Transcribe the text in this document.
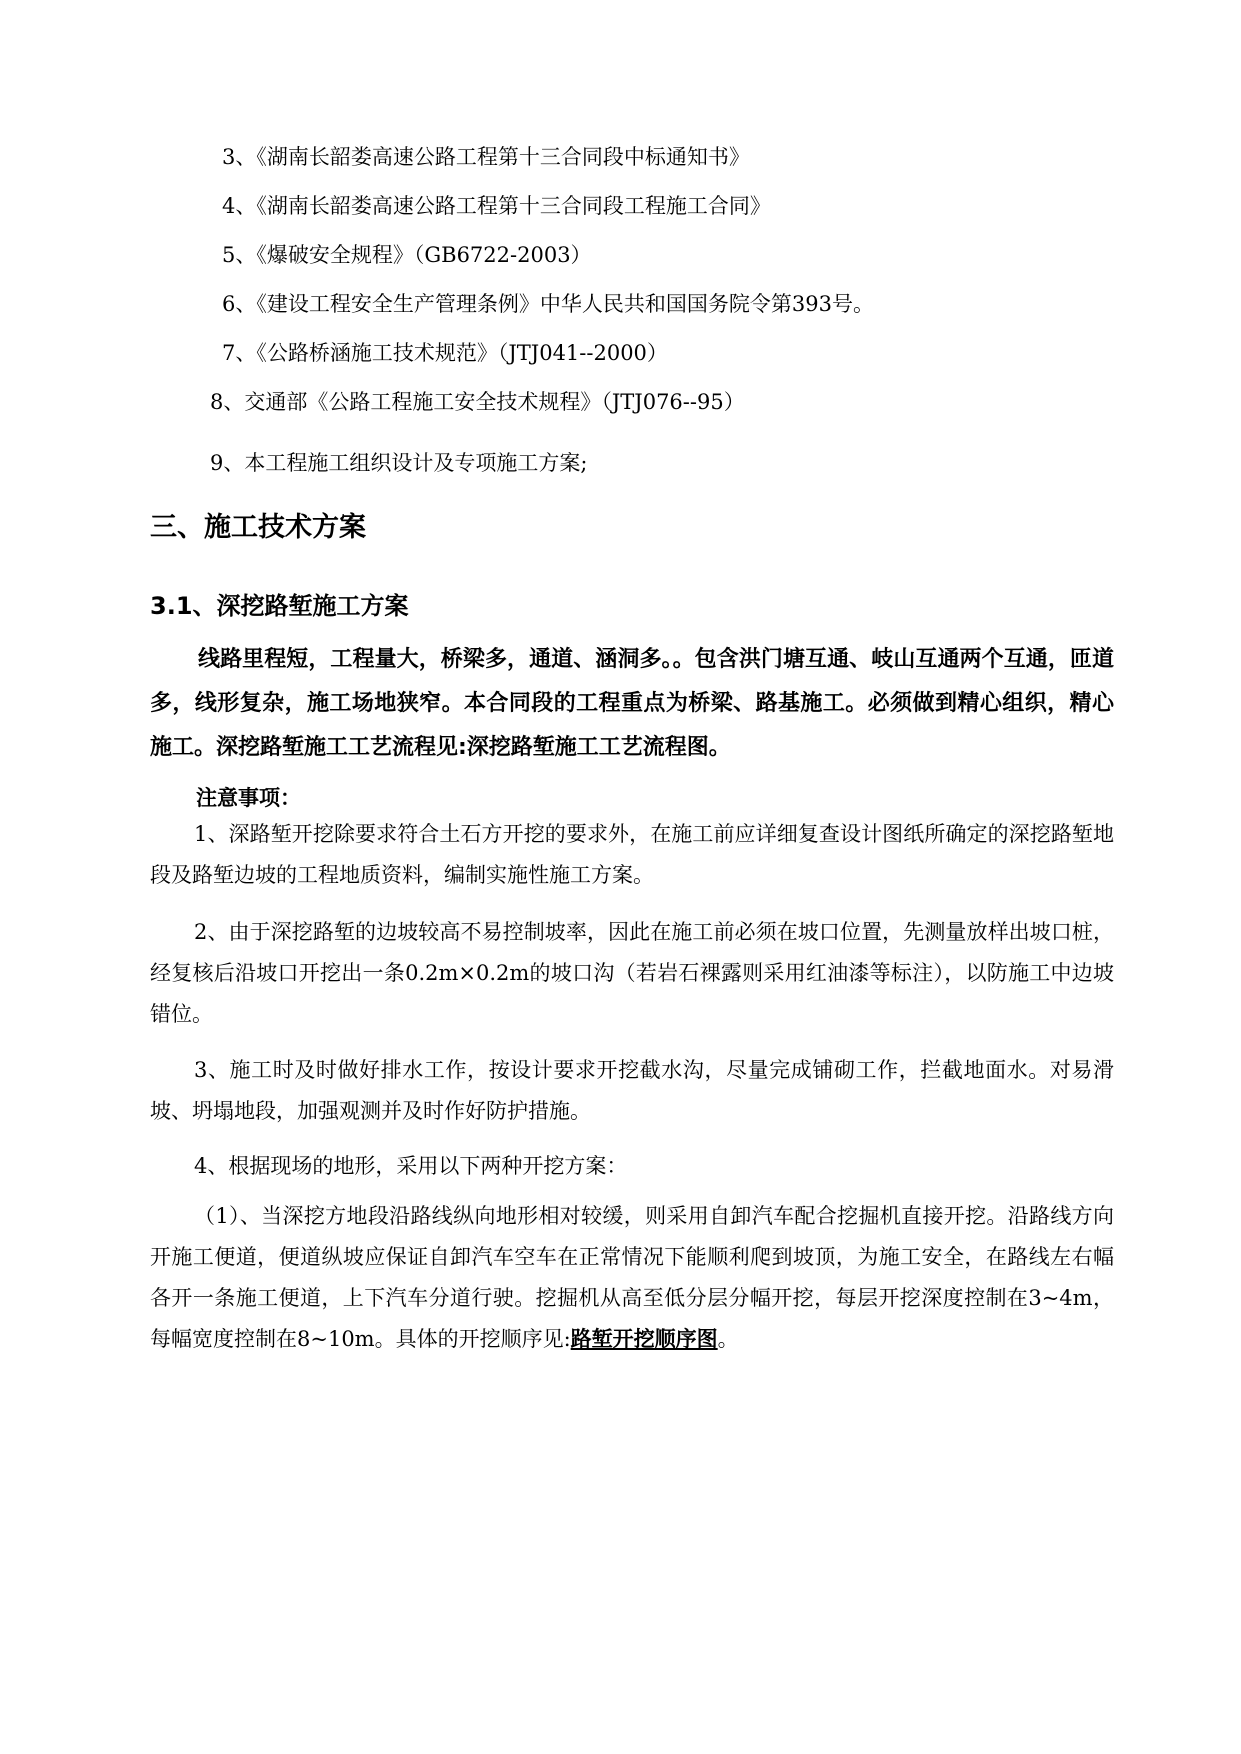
3、《湖南长韶娄高速公路工程第十三合同段中标通知书》
4、《湖南长韶娄高速公路工程第十三合同段工程施工合同》
5、《爆破安全规程》（GB6722-2003）
6、《建设工程安全生产管理条例》中华人民共和国国务院令第393号。
7、《公路桥涵施工技术规范》（JTJ041--2000）
8、交通部《公路工程施工安全技术规程》（JTJ076--95）
9、本工程施工组织设计及专项施工方案;
三、施工技术方案
3.1、深挖路堑施工方案
线路里程短，工程量大，桥梁多，通道、涵洞多。。包含洪门塘互通、岐山互通两个互通，匝道多，线形复杂，施工场地狭窄。本合同段的工程重点为桥梁、路基施工。必须做到精心组织，精心施工。深挖路堑施工工艺流程见:深挖路堑施工工艺流程图。
注意事项：
1、深路堑开挖除要求符合土石方开挖的要求外，在施工前应详细复查设计图纸所确定的深挖路堑地段及路堑边坡的工程地质资料，编制实施性施工方案。
2、由于深挖路堑的边坡较高不易控制坡率，因此在施工前必须在坡口位置，先测量放样出坡口桩，经复核后沿坡口开挖出一条0.2m×0.2m的坡口沟（若岩石裸露则采用红油漆等标注），以防施工中边坡错位。
3、施工时及时做好排水工作，按设计要求开挖截水沟，尽量完成铺砌工作，拦截地面水。对易滑坡、坍塌地段，加强观测并及时作好防护措施。
4、根据现场的地形，采用以下两种开挖方案：
（1）、当深挖方地段沿路线纵向地形相对较缓，则采用自卸汽车配合挖掘机直接开挖。沿路线方向开施工便道，便道纵坡应保证自卸汽车空车在正常情况下能顺利爬到坡顶，为施工安全，在路线左右幅各开一条施工便道，上下汽车分道行驶。挖掘机从高至低分层分幅开挖，每层开挖深度控制在3~4m，每幅宽度控制在8~10m。具体的开挖顺序见:路堑开挖顺序图。
